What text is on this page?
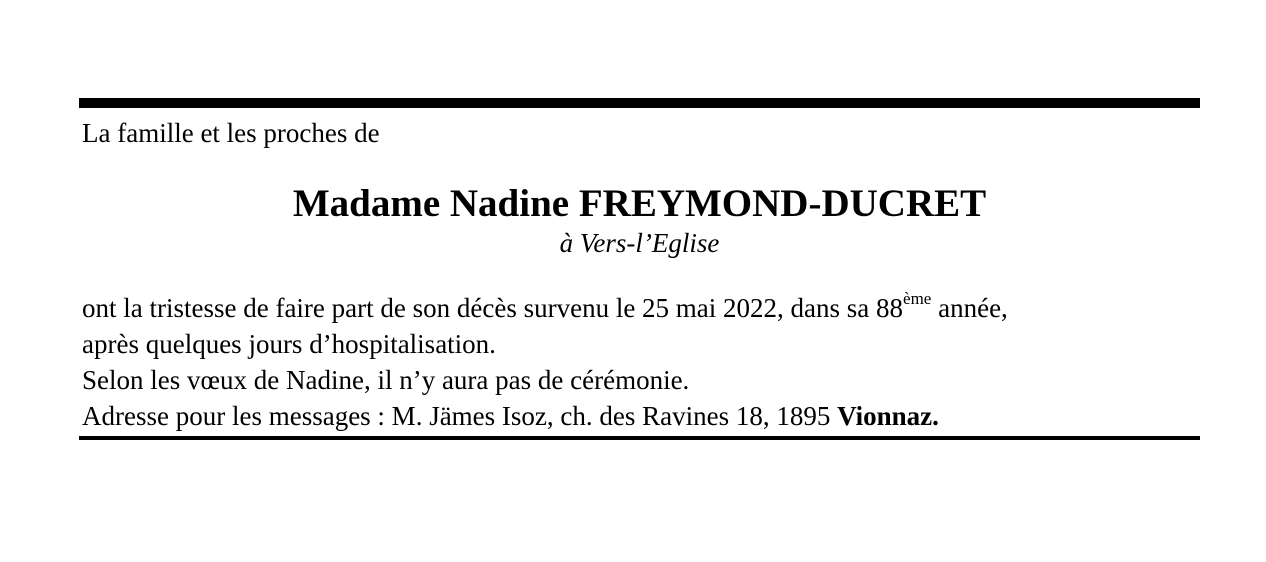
La famille et les proches de
Madame Nadine FREYMOND-DUCRET
à Vers-l’Eglise
ont la tristesse de faire part de son décès survenu le 25 mai 2022, dans sa 88ème année,
après quelques jours d’hospitalisation.
Selon les vœux de Nadine, il n’y aura pas de cérémonie.
Adresse pour les messages : M. Jämes Isoz, ch. des Ravines 18, 1895 Vionnaz.
